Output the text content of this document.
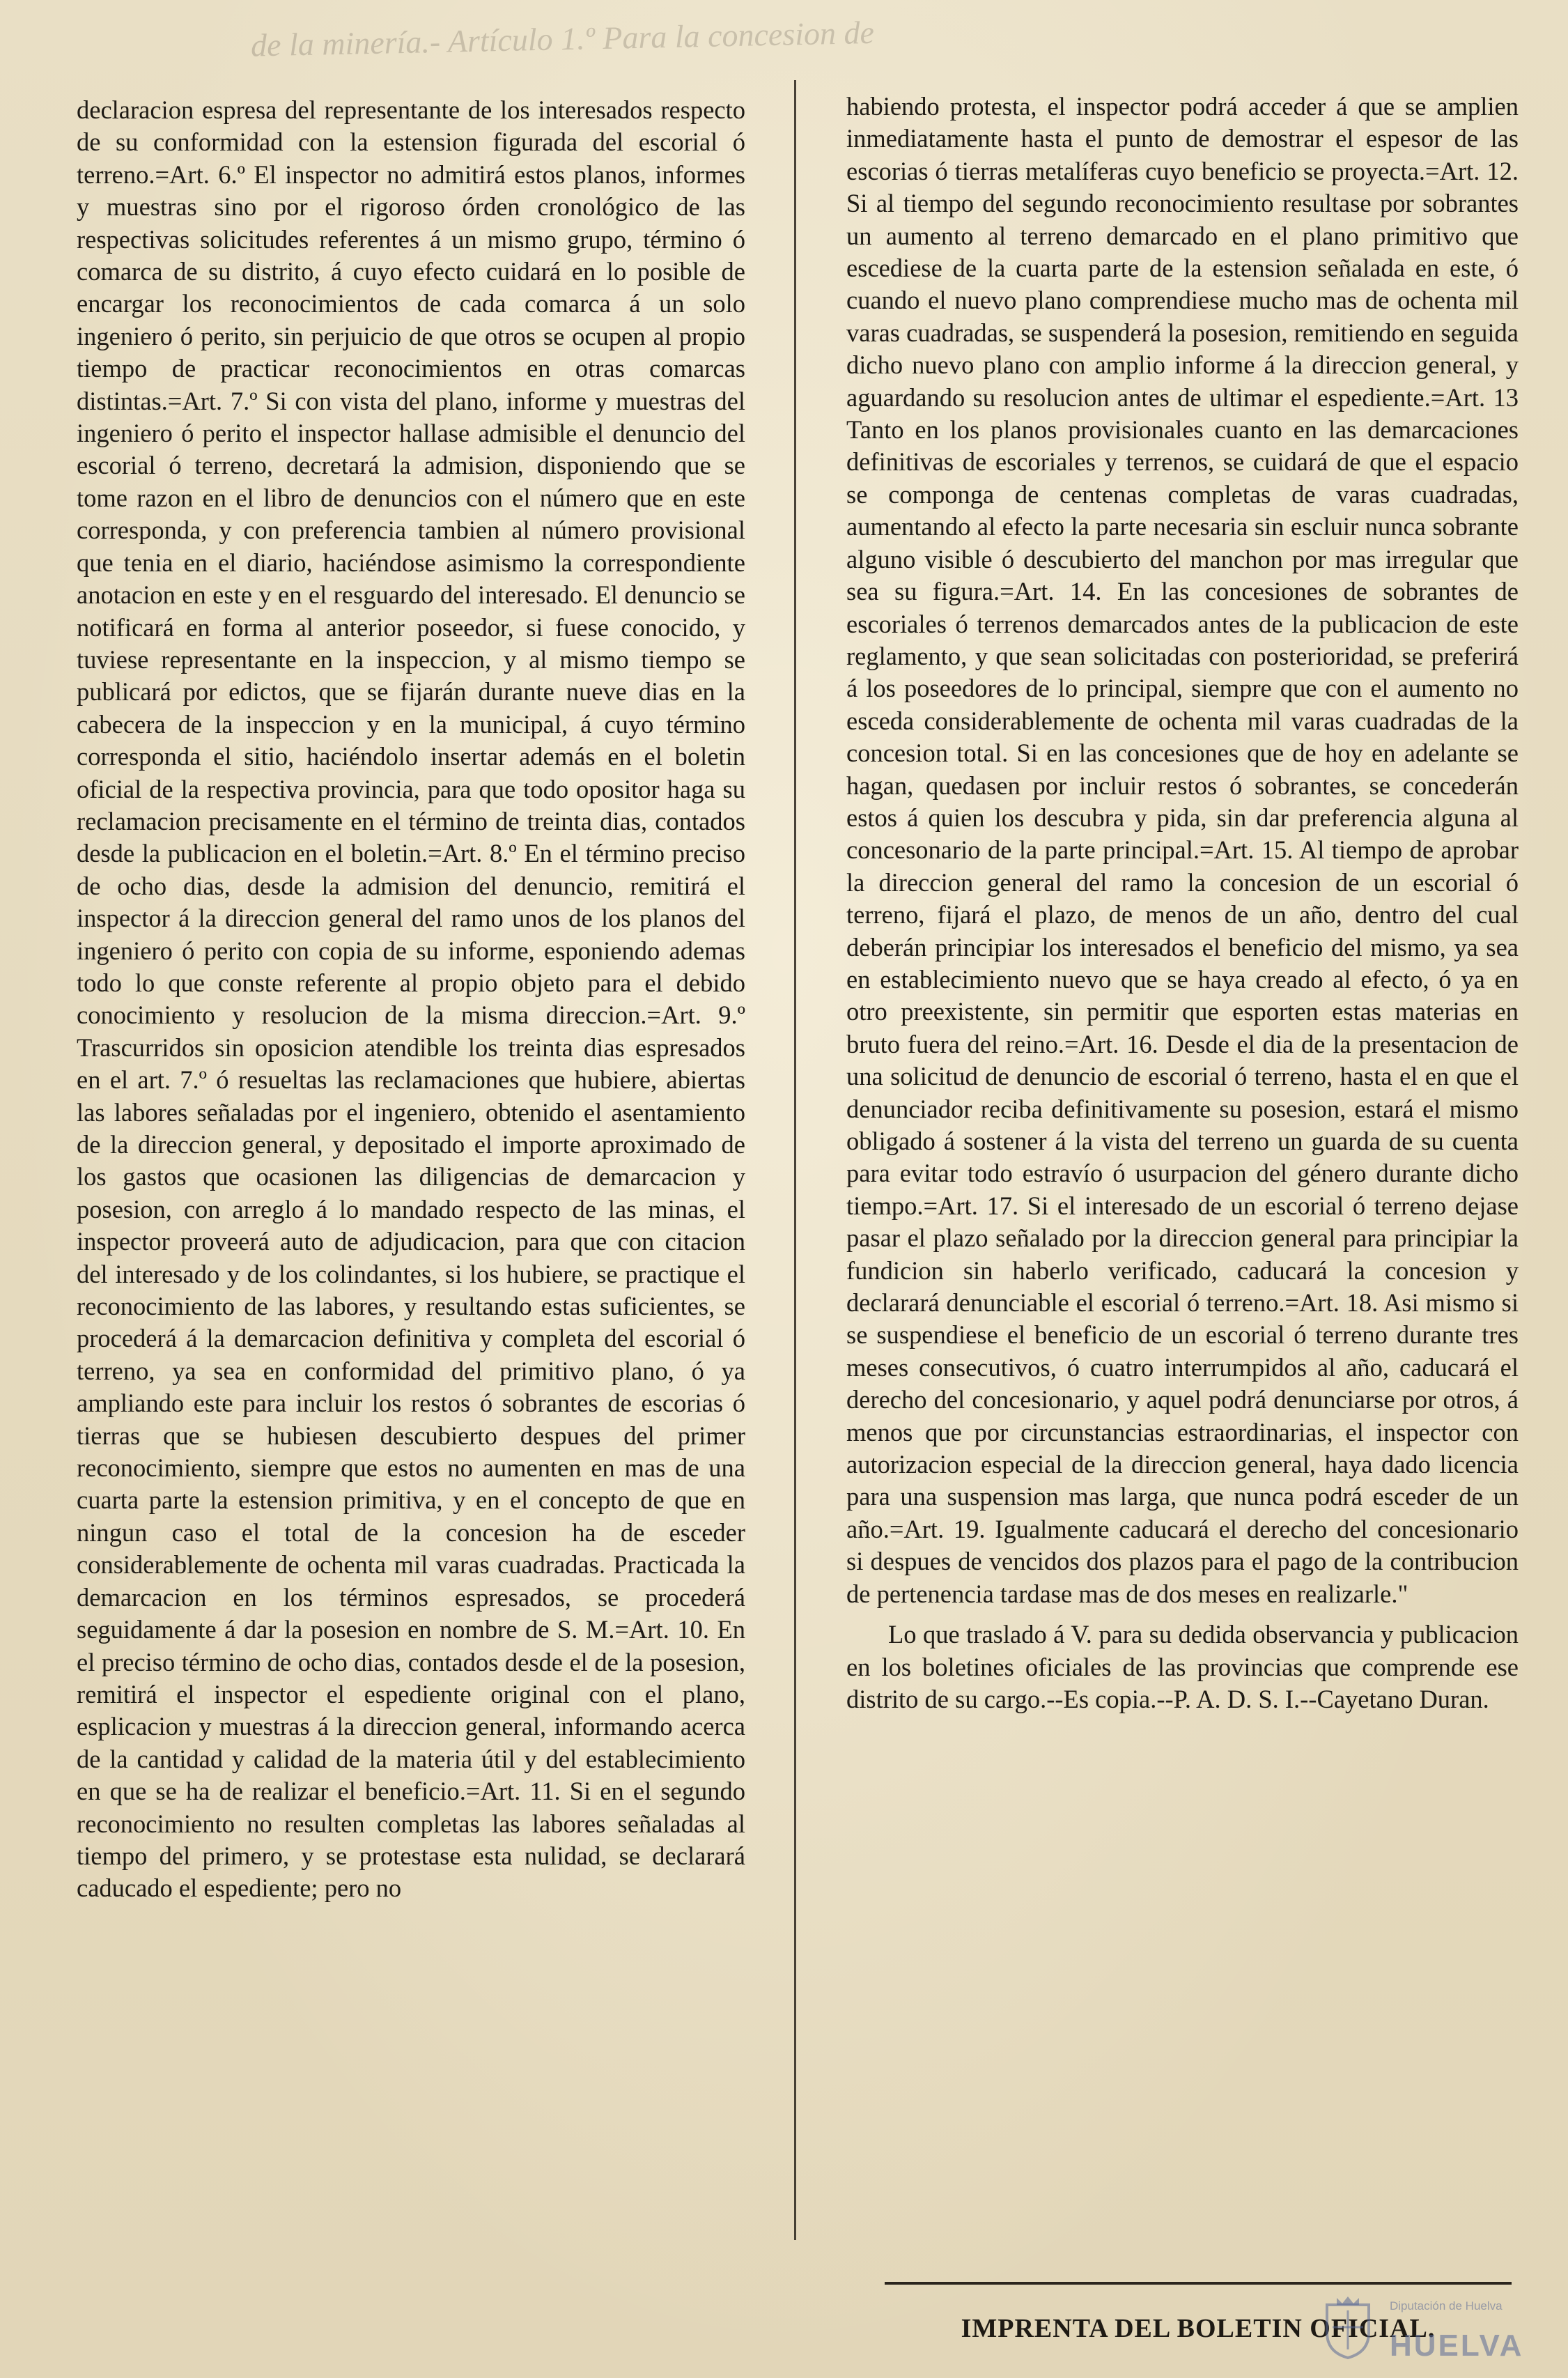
de la minería.- Artículo 1.º Para la concesion de

declaracion espresa del representante de los interesados respecto de su conformidad con la estension figurada del escorial ó terreno.=Art. 6.º El inspector no admitirá estos planos, informes y muestras sino por el rigoroso órden cronológico de las respectivas solicitudes referentes á un mismo grupo, término ó comarca de su distrito, á cuyo efecto cuidará en lo posible de encargar los reconocimientos de cada comarca á un solo ingeniero ó perito, sin perjuicio de que otros se ocupen al propio tiempo de practicar reconocimientos en otras comarcas distintas.=Art. 7.º Si con vista del plano, informe y muestras del ingeniero ó perito el inspector hallase admisible el denuncio del escorial ó terreno, decretará la admision, disponiendo que se tome razon en el libro de denuncios con el número que en este corresponda, y con preferencia tambien al número provisional que tenia en el diario, haciéndose asimismo la correspondiente anotacion en este y en el resguardo del interesado. El denuncio se notificará en forma al anterior poseedor, si fuese conocido, y tuviese representante en la inspeccion, y al mismo tiempo se publicará por edictos, que se fijarán durante nueve dias en la cabecera de la inspeccion y en la municipal, á cuyo término corresponda el sitio, haciéndolo insertar además en el boletin oficial de la respectiva provincia, para que todo opositor haga su reclamacion precisamente en el término de treinta dias, contados desde la publicacion en el boletin.=Art. 8.º En el término preciso de ocho dias, desde la admision del denuncio, remitirá el inspector á la direccion general del ramo unos de los planos del ingeniero ó perito con copia de su informe, esponiendo ademas todo lo que conste referente al propio objeto para el debido conocimiento y resolucion de la misma direccion.=Art. 9.º Trascurridos sin oposicion atendible los treinta dias espresados en el art. 7.º ó resueltas las reclamaciones que hubiere, abiertas las labores señaladas por el ingeniero, obtenido el asentamiento de la direccion general, y depositado el importe aproximado de los gastos que ocasionen las diligencias de demarcacion y posesion, con arreglo á lo mandado respecto de las minas, el inspector proveerá auto de adjudicacion, para que con citacion del interesado y de los colindantes, si los hubiere, se practique el reconocimiento de las labores, y resultando estas suficientes, se procederá á la demarcacion definitiva y completa del escorial ó terreno, ya sea en conformidad del primitivo plano, ó ya ampliando este para incluir los restos ó sobrantes de escorias ó tierras que se hubiesen descubierto despues del primer reconocimiento, siempre que estos no aumenten en mas de una cuarta parte la estension primitiva, y en el concepto de que en ningun caso el total de la concesion ha de esceder considerablemente de ochenta mil varas cuadradas. Practicada la demarcacion en los términos espresados, se procederá seguidamente á dar la posesion en nombre de S. M.=Art. 10. En el preciso término de ocho dias, contados desde el de la posesion, remitirá el inspector el espediente original con el plano, esplicacion y muestras á la direccion general, informando acerca de la cantidad y calidad de la materia útil y del establecimiento en que se ha de realizar el beneficio.=Art. 11. Si en el segundo reconocimiento no resulten completas las labores señaladas al tiempo del primero, y se protestase esta nulidad, se declarará caducado el espediente; pero no

habiendo protesta, el inspector podrá acceder á que se amplien inmediatamente hasta el punto de demostrar el espesor de las escorias ó tierras metalíferas cuyo beneficio se proyecta.=Art. 12. Si al tiempo del segundo reconocimiento resultase por sobrantes un aumento al terreno demarcado en el plano primitivo que escediese de la cuarta parte de la estension señalada en este, ó cuando el nuevo plano comprendiese mucho mas de ochenta mil varas cuadradas, se suspenderá la posesion, remitiendo en seguida dicho nuevo plano con amplio informe á la direccion general, y aguardando su resolucion antes de ultimar el espediente.=Art. 13 Tanto en los planos provisionales cuanto en las demarcaciones definitivas de escoriales y terrenos, se cuidará de que el espacio se componga de centenas completas de varas cuadradas, aumentando al efecto la parte necesaria sin escluir nunca sobrante alguno visible ó descubierto del manchon por mas irregular que sea su figura.=Art. 14. En las concesiones de sobrantes de escoriales ó terrenos demarcados antes de la publicacion de este reglamento, y que sean solicitadas con posterioridad, se preferirá á los poseedores de lo principal, siempre que con el aumento no esceda considerablemente de ochenta mil varas cuadradas de la concesion total. Si en las concesiones que de hoy en adelante se hagan, quedasen por incluir restos ó sobrantes, se concederán estos á quien los descubra y pida, sin dar preferencia alguna al concesonario de la parte principal.=Art. 15. Al tiempo de aprobar la direccion general del ramo la concesion de un escorial ó terreno, fijará el plazo, de menos de un año, dentro del cual deberán principiar los interesados el beneficio del mismo, ya sea en establecimiento nuevo que se haya creado al efecto, ó ya en otro preexistente, sin permitir que esporten estas materias en bruto fuera del reino.=Art. 16. Desde el dia de la presentacion de una solicitud de denuncio de escorial ó terreno, hasta el en que el denunciador reciba definitivamente su posesion, estará el mismo obligado á sostener á la vista del terreno un guarda de su cuenta para evitar todo estravío ó usurpacion del género durante dicho tiempo.=Art. 17. Si el interesado de un escorial ó terreno dejase pasar el plazo señalado por la direccion general para principiar la fundicion sin haberlo verificado, caducará la concesion y declarará denunciable el escorial ó terreno.=Art. 18. Asi mismo si se suspendiese el beneficio de un escorial ó terreno durante tres meses consecutivos, ó cuatro interrumpidos al año, caducará el derecho del concesionario, y aquel podrá denunciarse por otros, á menos que por circunstancias estraordinarias, el inspector con autorizacion especial de la direccion general, haya dado licencia para una suspension mas larga, que nunca podrá esceder de un año.=Art. 19. Igualmente caducará el derecho del concesionario si despues de vencidos dos plazos para el pago de la contribucion de pertenencia tardase mas de dos meses en realizarle."

Lo que traslado á V. para su dedida observancia y publicacion en los boletines oficiales de las provincias que comprende ese distrito de su cargo.--Es copia.--P. A. D. S. I.--Cayetano Duran.

IMPRENTA DEL BOLETIN OFICIAL.
Diputación de Huelva
HUELVA
